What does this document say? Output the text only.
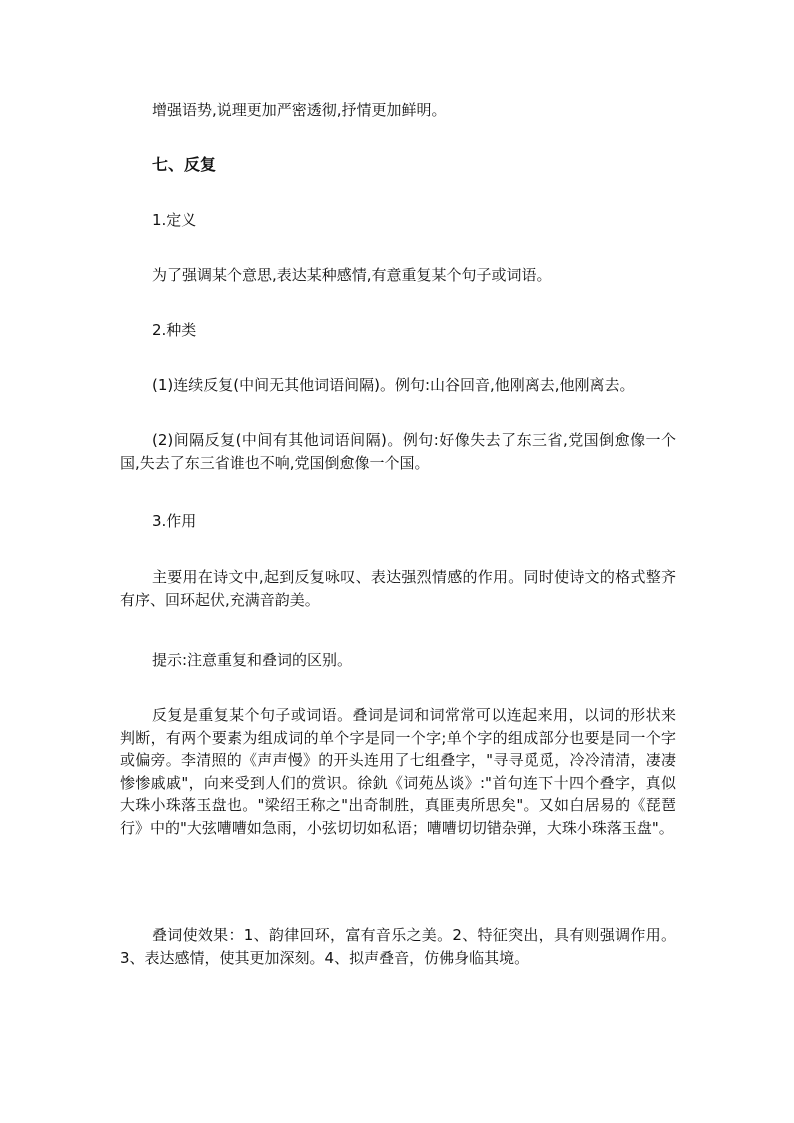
增强语势,说理更加严密透彻,抒情更加鲜明。

七、反复

1.定义

为了强调某个意思,表达某种感情,有意重复某个句子或词语。

2.种类

(1)连续反复(中间无其他词语间隔)。例句:山谷回音,他刚离去,他刚离去。

(2)间隔反复(中间有其他词语间隔)。例句:好像失去了东三省,党国倒愈像一个国,失去了东三省谁也不响,党国倒愈像一个国。

3.作用

主要用在诗文中,起到反复咏叹、表达强烈情感的作用。同时使诗文的格式整齐有序、回环起伏,充满音韵美。

提示:注意重复和叠词的区别。

反复是重复某个句子或词语。叠词是词和词常常可以连起来用，以词的形状来判断，有两个要素为组成词的单个字是同一个字;单个字的组成部分也要是同一个字或偏旁。李清照的《声声慢》的开头连用了七组叠字，"寻寻觅觅，冷冷清清，凄凄惨惨戚戚"，向来受到人们的赏识。徐釚《词苑丛谈》:"首句连下十四个叠字，真似大珠小珠落玉盘也。"梁绍王称之"出奇制胜，真匪夷所思矣"。又如白居易的《琵琶行》中的"大弦嘈嘈如急雨，小弦切切如私语；嘈嘈切切错杂弹，大珠小珠落玉盘"。

叠词使效果：1、韵律回环，富有音乐之美。2、特征突出，具有则强调作用。3、表达感情，使其更加深刻。4、拟声叠音，仿佛身临其境。
